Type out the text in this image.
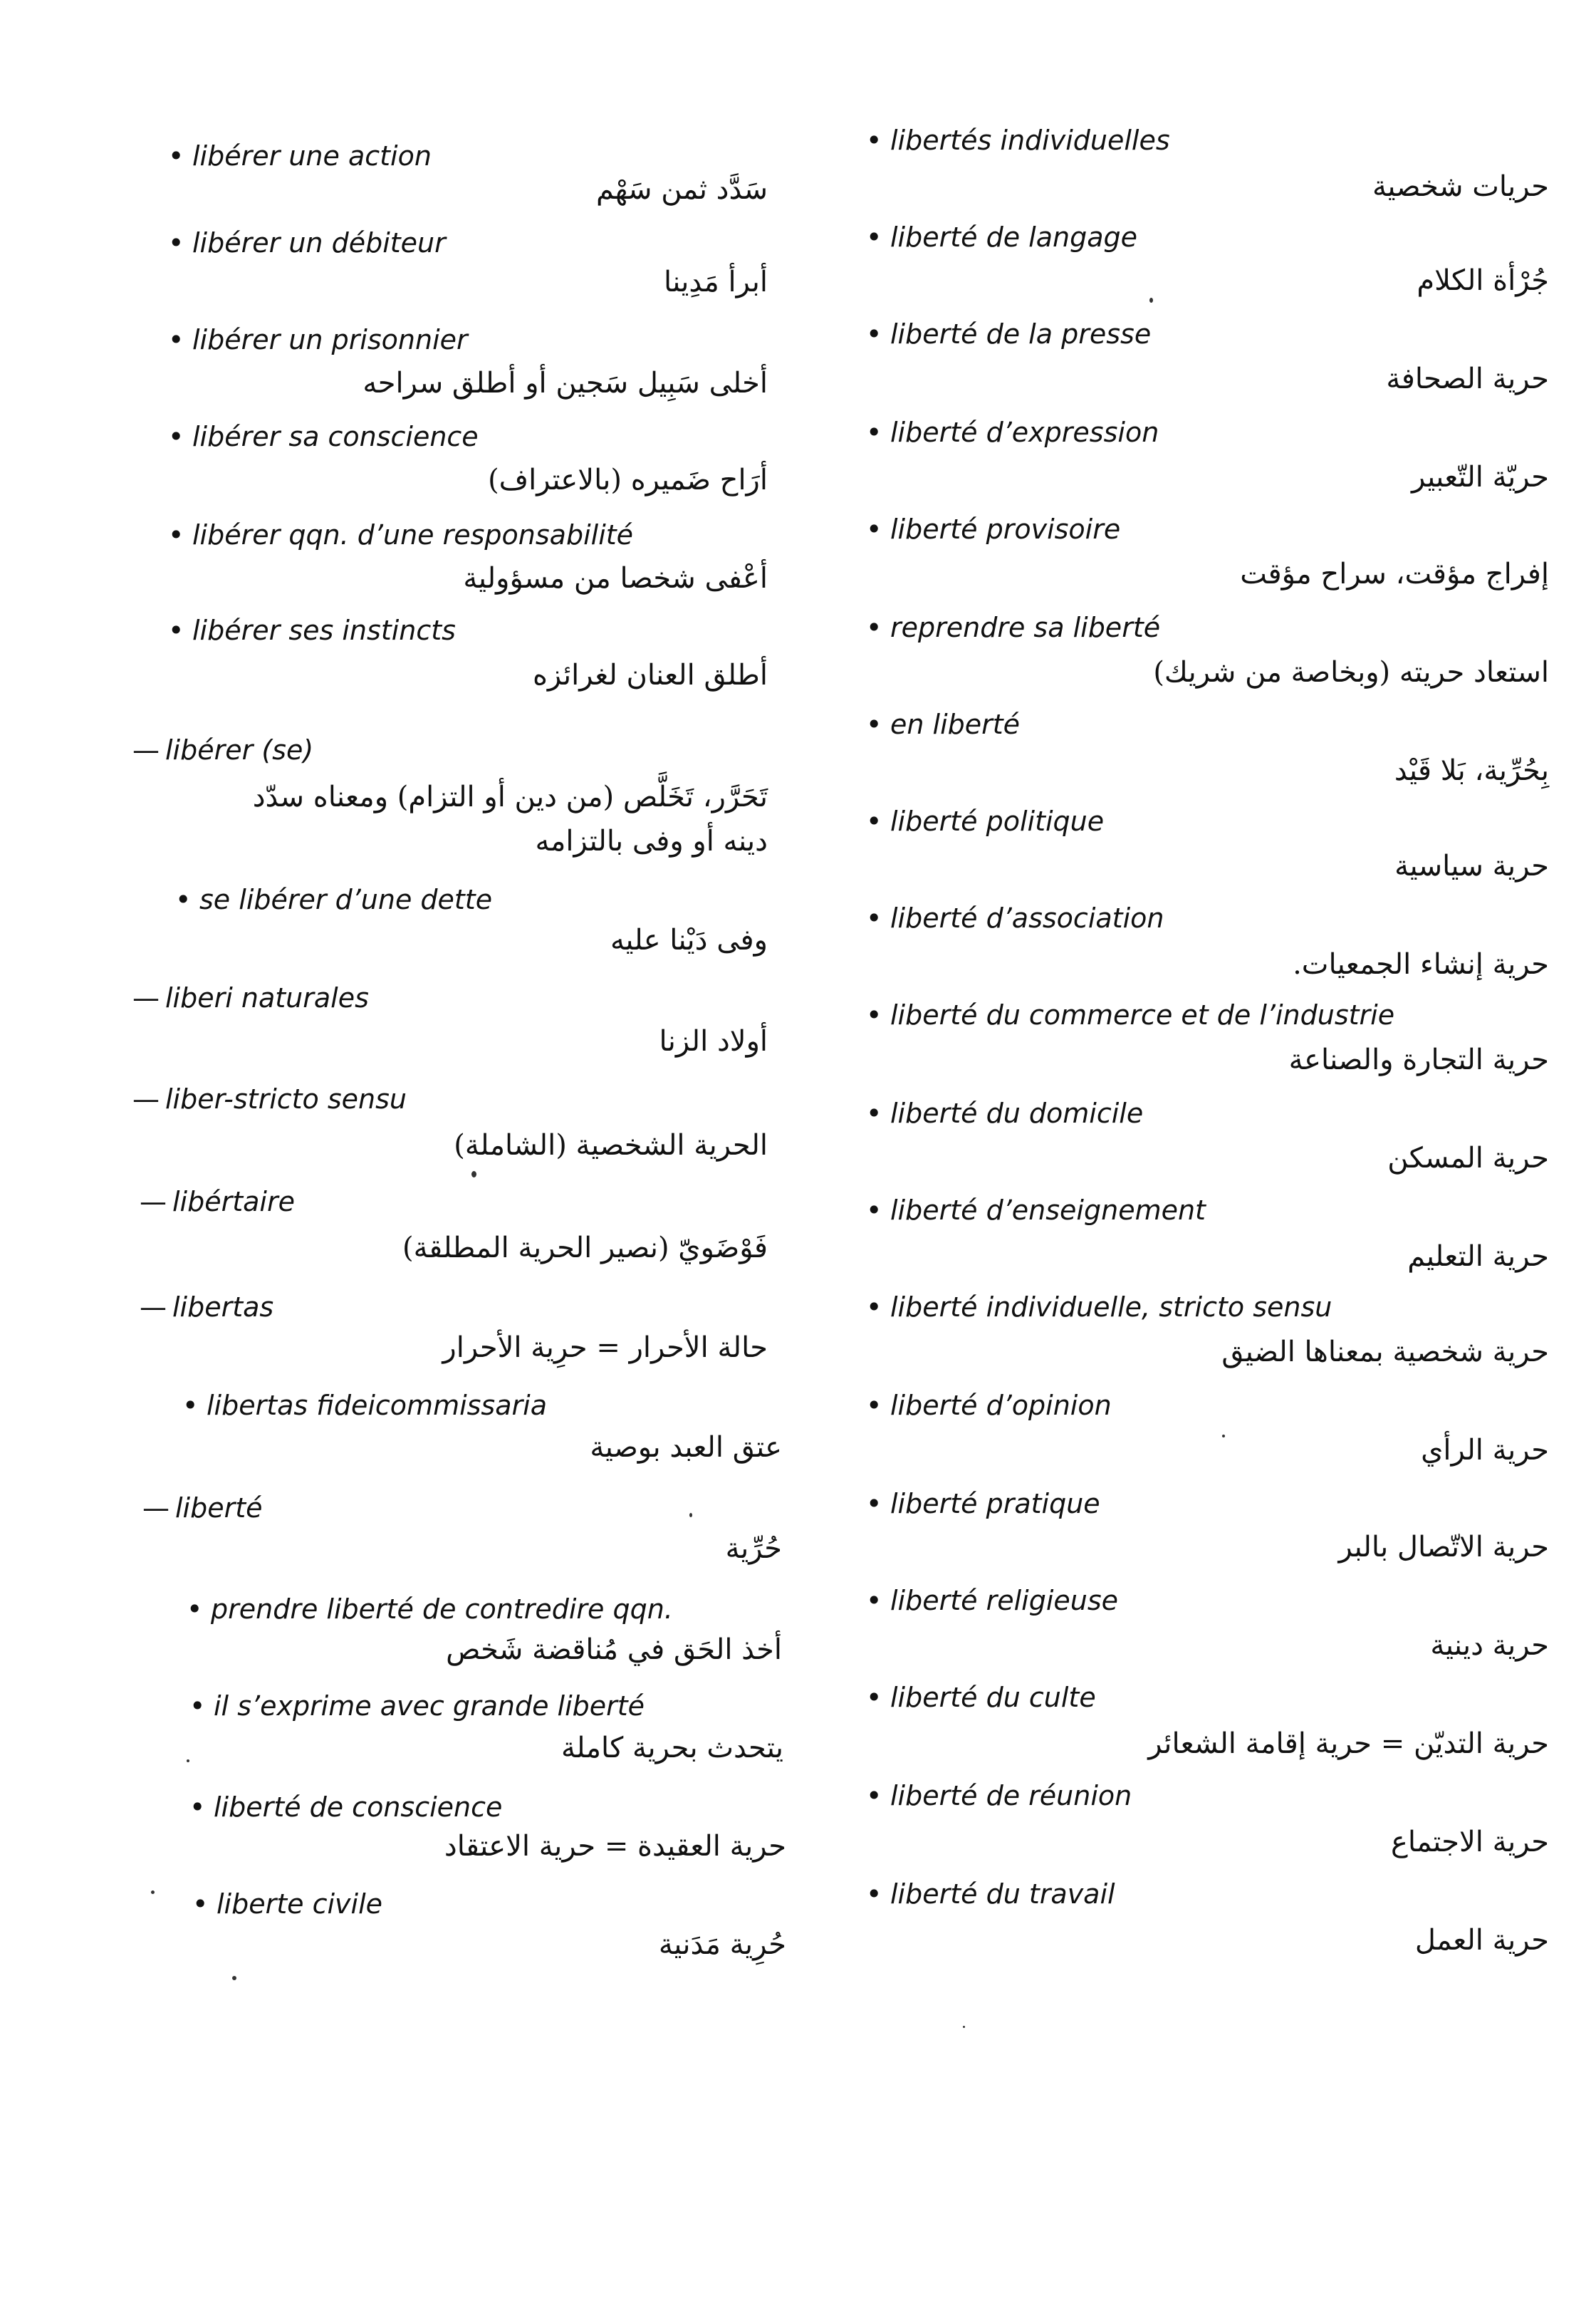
• libérer une action
سَدَّد ثمن سَهْم
• libérer un débiteur
أبرأ مَدِينا
• libérer un prisonnier
أخلى سَبِيل سَجين أو أطلق سراحه
• libérer sa conscience
أرَاح ضَميره (بالاعتراف)
• libérer qqn. d’une responsabilité
أعْفى شخصا من مسؤولية
• libérer ses instincts
أطلق العنان لغرائزه
— libérer (se)
تَحَرَّر، تَخَلَّص (من دين أو التزام) ومعناه سدّد دينه أو وفى بالتزامه
• se libérer d’une dette
وفى دَيْنا عليه
— liberi naturales
أولاد الزنا
— liber-stricto sensu
الحرية الشخصية (الشاملة)
— libértaire
فَوْضَويّ (نصير الحرية المطلقة)
— libertas
حالة الأحرار = حرِية الأحرار
• libertas fideicommissaria
عتق العبد بوصية
— liberté
حُرِّية
• prendre liberté de contredire qqn.
أخذ الحَق في مُناقضة شَخص
• il s’exprime avec grande liberté
يتحدث بحرية كاملة
• liberté de conscience
حرية العقيدة = حرية الاعتقاد
• liberte civile
حُرِية مَدَنية
• libertés individuelles
حريات شخصية
• liberté de langage
جُرْأة الكلام
• liberté de la presse
حرية الصحافة
• liberté d’expression
حريّة التّعبير
• liberté provisoire
إفراج مؤقت، سراح مؤقت
• reprendre sa liberté
استعاد حريته (وبخاصة من شريك)
• en liberté
بِحُرِّية، بَلا قَيْد
• liberté politique
حرية سياسية
• liberté d’association
حرية إنشاء الجمعيات.
• liberté du commerce et de l’industrie
حرية التجارة والصناعة
• liberté du domicile
حرية المسكن
• liberté d’enseignement
حرية التعليم
• liberté individuelle, stricto sensu
حرية شخصية بمعناها الضيق
• liberté d’opinion
حرية الرأي
• liberté pratique
حرية الاتّصال بالبر
• liberté religieuse
حرية دينية
• liberté du culte
حرية التديّن = حرية إقامة الشعائر
• liberté de réunion
حرية الاجتماع
• liberté du travail
حرية العمل
